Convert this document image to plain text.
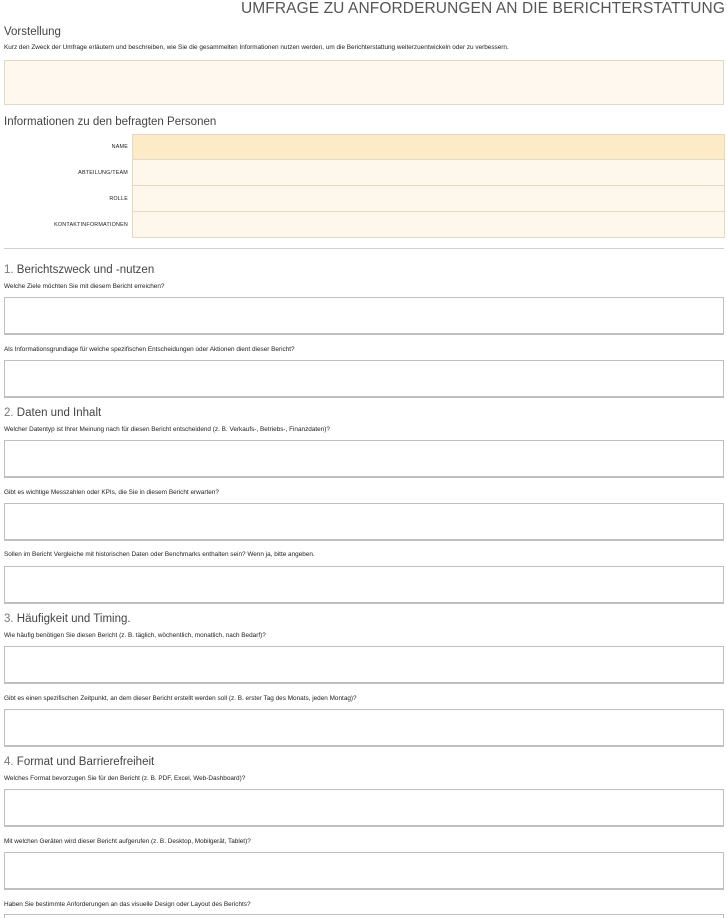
UMFRAGE ZU ANFORDERUNGEN AN DIE BERICHTERSTATTUNG
Vorstellung
Kurz den Zweck der Umfrage erläutern und beschreiben, wie Sie die gesammelten Informationen nutzen werden, um die Berichterstattung weiterzuentwickeln oder zu verbessern.
Informationen zu den befragten Personen
NAME
ABTEILUNG/TEAM
ROLLE
KONTAKTINFORMATIONEN
1. Berichtszweck und -nutzen
Welche Ziele möchten Sie mit diesem Bericht erreichen?
Als Informationsgrundlage für welche spezifischen Entscheidungen oder Aktionen dient dieser Bericht?
2. Daten und Inhalt
Welcher Datentyp ist Ihrer Meinung nach für diesen Bericht entscheidend (z. B. Verkaufs-, Betriebs-, Finanzdaten)?
Gibt es wichtige Messzahlen oder KPIs, die Sie in diesem Bericht erwarten?
Sollen im Bericht Vergleiche mit historischen Daten oder Benchmarks enthalten sein? Wenn ja, bitte angeben.
3. Häufigkeit und Timing.
Wie häufig benötigen Sie diesen Bericht (z. B. täglich, wöchentlich, monatlich, nach Bedarf)?
Gibt es einen spezifischen Zeitpunkt, an dem dieser Bericht erstellt werden soll (z. B. erster Tag des Monats, jeden Montag)?
4. Format und Barrierefreiheit
Welches Format bevorzugen Sie für den Bericht (z. B. PDF, Excel, Web-Dashboard)?
Mit welchen Geräten wird dieser Bericht aufgerufen (z. B. Desktop, Mobilgerät, Tablet)?
Haben Sie bestimmte Anforderungen an das visuelle Design oder Layout des Berichts?
